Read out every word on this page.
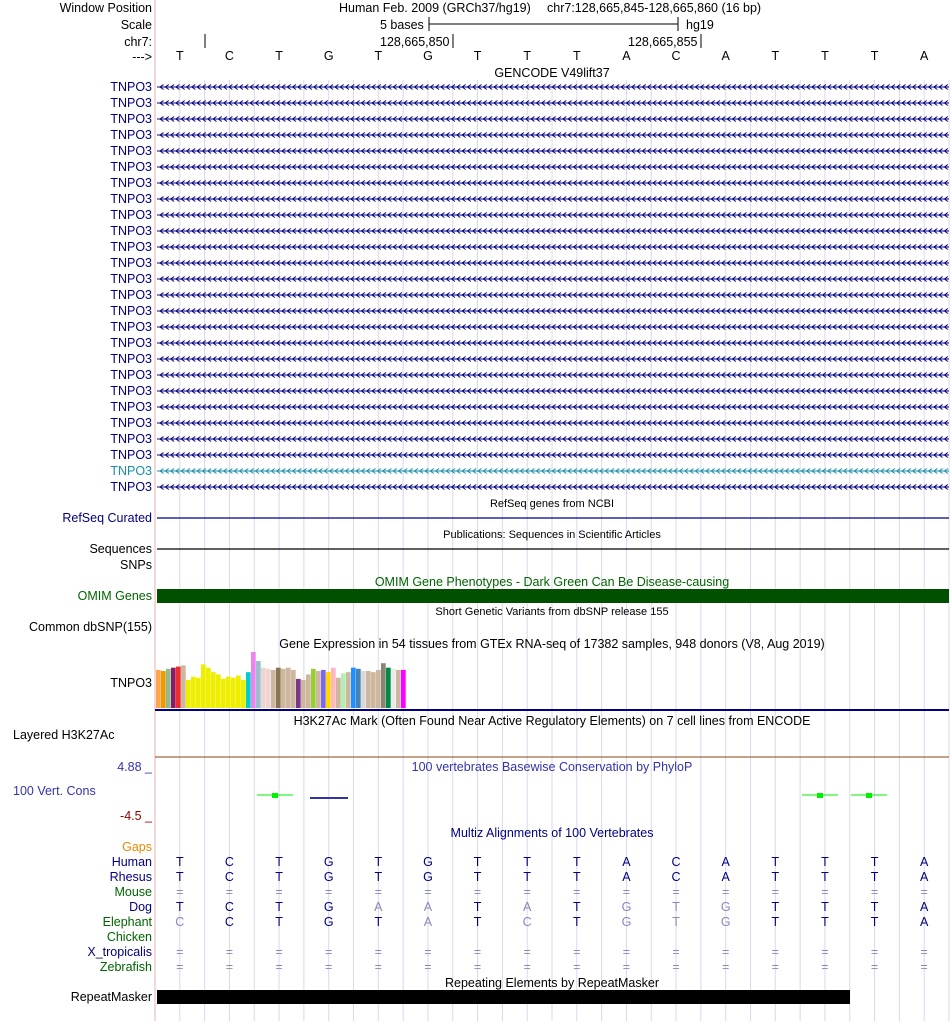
Window Position	Human Feb. 2009 (GRCh37/hg19) chr7:128,665,845-128,665,860 (16 bp)
Scale	5 bases	hg19
chr7:	128,665,850	128,665,855
---> T	C	T	G	T	G	T	T	T	A	C	A	T	T	T	A
GENCODE V49lift37
TNPO3
TNPO3
TNPO3
TNPO3
TNPO3
TNPO3
TNPO3
TNPO3
TNPO3
TNPO3
TNPO3
TNPO3
TNPO3
TNPO3
TNPO3
TNPO3
TNPO3
TNPO3
TNPO3
TNPO3
TNPO3
TNPO3
TNPO3
TNPO3
TNPO3
TNPO3
RefSeq genes from NCBI
RefSeq Curated
Publications: Sequences in Scientific Articles
Sequences
SNPs
OMIM Gene Phenotypes - Dark Green Can Be Disease-causing
OMIM Genes
Short Genetic Variants from dbSNP release 155
Common dbSNP(155)
Gene Expression in 54 tissues from GTEx RNA-seq of 17382 samples, 948 donors (V8, Aug 2019)
TNPO3
H3K27Ac Mark (Often Found Near Active Regulatory Elements) on 7 cell lines from ENCODE
Layered H3K27Ac
100 vertebrates Basewise Conservation by PhyloP
4.88 _
100 Vert. Cons
-4.5 _
Multiz Alignments of 100 Vertebrates
Gaps
Human T	C	T	G	T	G	T	T	T	A	C	A	T	T	T	A
Rhesus T	C	T	G	T	G	T	T	T	A	C	A	T	T	T	A
Mouse =	=	=	=	=	=	=	=	=	=	=	=	=	=	=	=
Dog T	C	T	G	A	A	T	A	T	G	T	G	T	T	T	A
Elephant C	C	T	G	T	A	T	C	T	G	T	G	T	T	T	A
Chicken
X_tropicalis =	=	=	=	=	=	=	=	=	=	=	=	=	=	=	=
Zebrafish =	=	=	=	=	=	=	=	=	=	=	=	=	=	=	=
Repeating Elements by RepeatMasker
RepeatMasker
